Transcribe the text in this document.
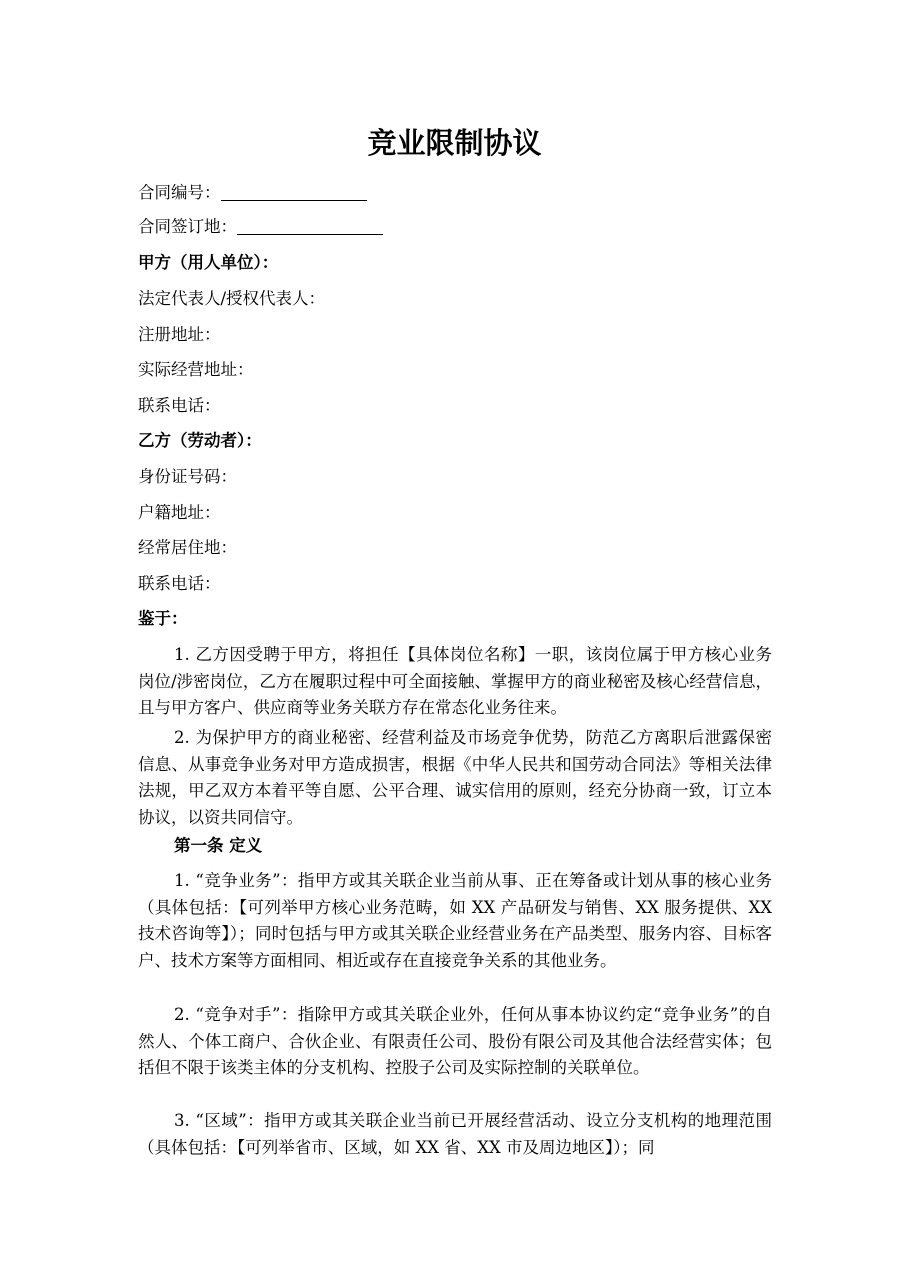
竞业限制协议
合同编号：
合同签订地：
甲方（用人单位）：
法定代表人/授权代表人：
注册地址：
实际经营地址：
联系电话：
乙方（劳动者）：
身份证号码：
户籍地址：
经常居住地：
联系电话：
鉴于：

1. 乙方因受聘于甲方，将担任【具体岗位名称】一职，该岗位属于甲方核心业务岗位/涉密岗位，乙方在履职过程中可全面接触、掌握甲方的商业秘密及核心经营信息，且与甲方客户、供应商等业务关联方存在常态化业务往来。

2. 为保护甲方的商业秘密、经营利益及市场竞争优势，防范乙方离职后泄露保密信息、从事竞争业务对甲方造成损害，根据《中华人民共和国劳动合同法》等相关法律法规，甲乙双方本着平等自愿、公平合理、诚实信用的原则，经充分协商一致，订立本协议，以资共同信守。

第一条 定义

1. “竞争业务”：指甲方或其关联企业当前从事、正在筹备或计划从事的核心业务（具体包括：【可列举甲方核心业务范畴，如 XX 产品研发与销售、XX 服务提供、XX 技术咨询等】）；同时包括与甲方或其关联企业经营业务在产品类型、服务内容、目标客户、技术方案等方面相同、相近或存在直接竞争关系的其他业务。

2. “竞争对手”：指除甲方或其关联企业外，任何从事本协议约定“竞争业务”的自然人、个体工商户、合伙企业、有限责任公司、股份有限公司及其他合法经营实体；包括但不限于该类主体的分支机构、控股子公司及实际控制的关联单位。

3. “区域”：指甲方或其关联企业当前已开展经营活动、设立分支机构的地理范围（具体包括：【可列举省市、区域，如 XX 省、XX 市及周边地区】）；同
